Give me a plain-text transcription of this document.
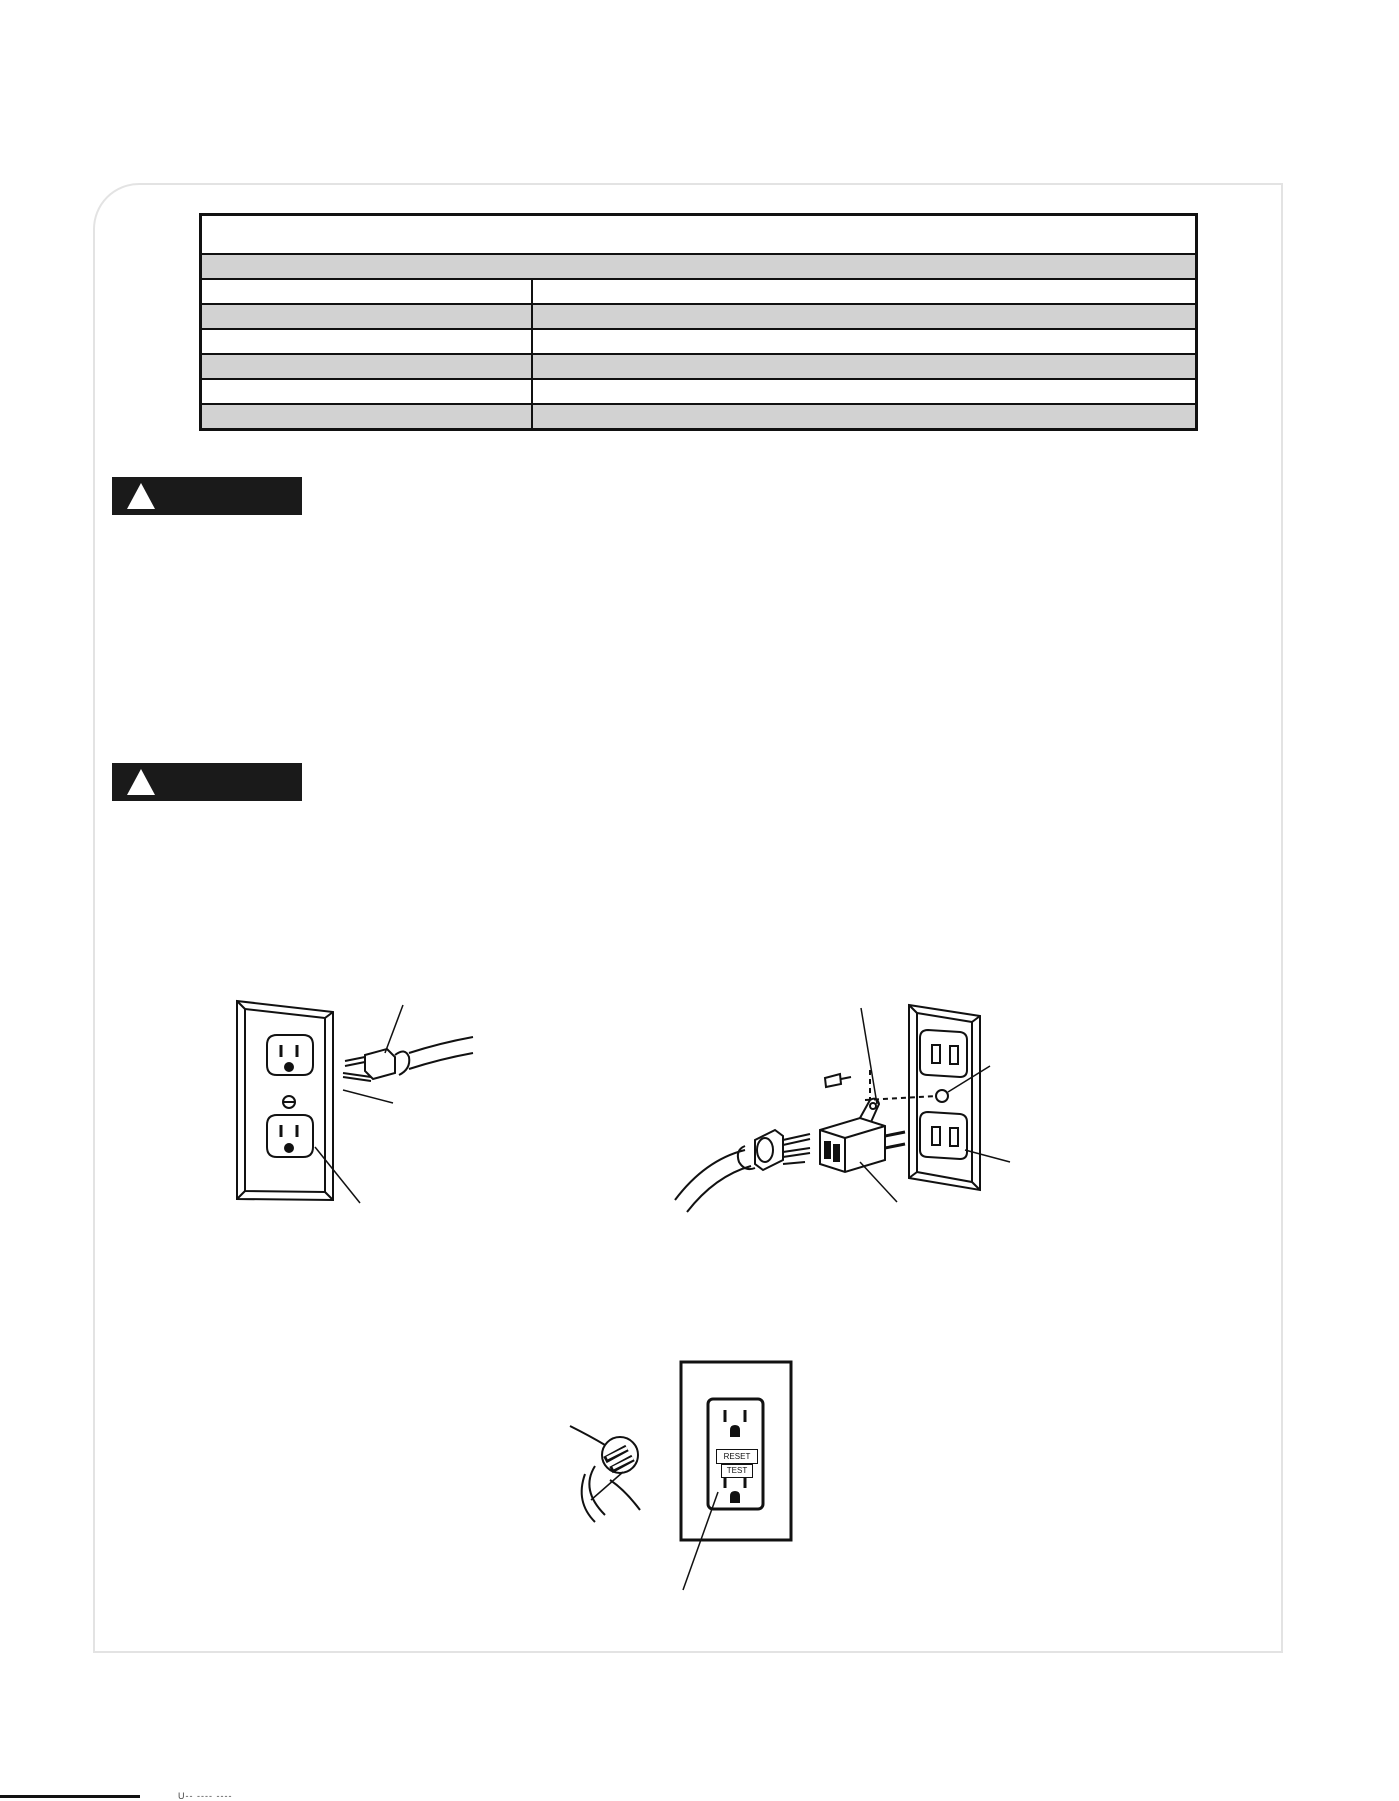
RESET
TEST
U-- ---- ----
